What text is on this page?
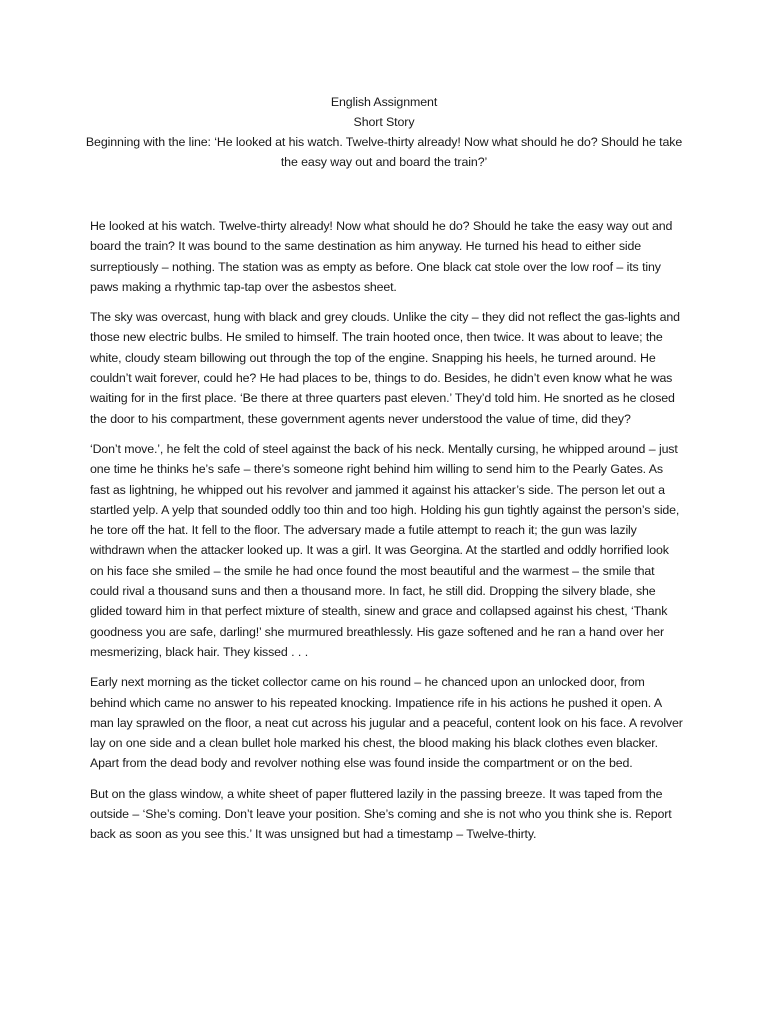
English Assignment
Short Story
Beginning with the line: ‘He looked at his watch. Twelve-thirty already! Now what should he do? Should he take the easy way out and board the train?’

He looked at his watch. Twelve-thirty already! Now what should he do? Should he take the easy way out and board the train? It was bound to the same destination as him anyway. He turned his head to either side surreptiously – nothing. The station was as empty as before. One black cat stole over the low roof – its tiny paws making a rhythmic tap-tap over the asbestos sheet.

The sky was overcast, hung with black and grey clouds. Unlike the city – they did not reflect the gas-lights and those new electric bulbs. He smiled to himself. The train hooted once, then twice. It was about to leave; the white, cloudy steam billowing out through the top of the engine. Snapping his heels, he turned around. He couldn’t wait forever, could he? He had places to be, things to do. Besides, he didn’t even know what he was waiting for in the first place. ‘Be there at three quarters past eleven.’ They’d told him. He snorted as he closed the door to his compartment, these government agents never understood the value of time, did they?

‘Don’t move.’, he felt the cold of steel against the back of his neck. Mentally cursing, he whipped around – just one time he thinks he’s safe – there’s someone right behind him willing to send him to the Pearly Gates. As fast as lightning, he whipped out his revolver and jammed it against his attacker’s side. The person let out a startled yelp. A yelp that sounded oddly too thin and too high. Holding his gun tightly against the person’s side, he tore off the hat. It fell to the floor. The adversary made a futile attempt to reach it; the gun was lazily withdrawn when the attacker looked up. It was a girl. It was Georgina. At the startled and oddly horrified look on his face she smiled – the smile he had once found the most beautiful and the warmest – the smile that could rival a thousand suns and then a thousand more. In fact, he still did. Dropping the silvery blade, she glided toward him in that perfect mixture of stealth, sinew and grace and collapsed against his chest, ‘Thank goodness you are safe, darling!’ she murmured breathlessly. His gaze softened and he ran a hand over her mesmerizing, black hair. They kissed . . .

Early next morning as the ticket collector came on his round – he chanced upon an unlocked door, from behind which came no answer to his repeated knocking. Impatience rife in his actions he pushed it open. A man lay sprawled on the floor, a neat cut across his jugular and a peaceful, content look on his face. A revolver lay on one side and a clean bullet hole marked his chest, the blood making his black clothes even blacker. Apart from the dead body and revolver nothing else was found inside the compartment or on the bed.

But on the glass window, a white sheet of paper fluttered lazily in the passing breeze. It was taped from the outside – ‘She’s coming. Don’t leave your position. She’s coming and she is not who you think she is. Report back as soon as you see this.’ It was unsigned but had a timestamp – Twelve-thirty.
